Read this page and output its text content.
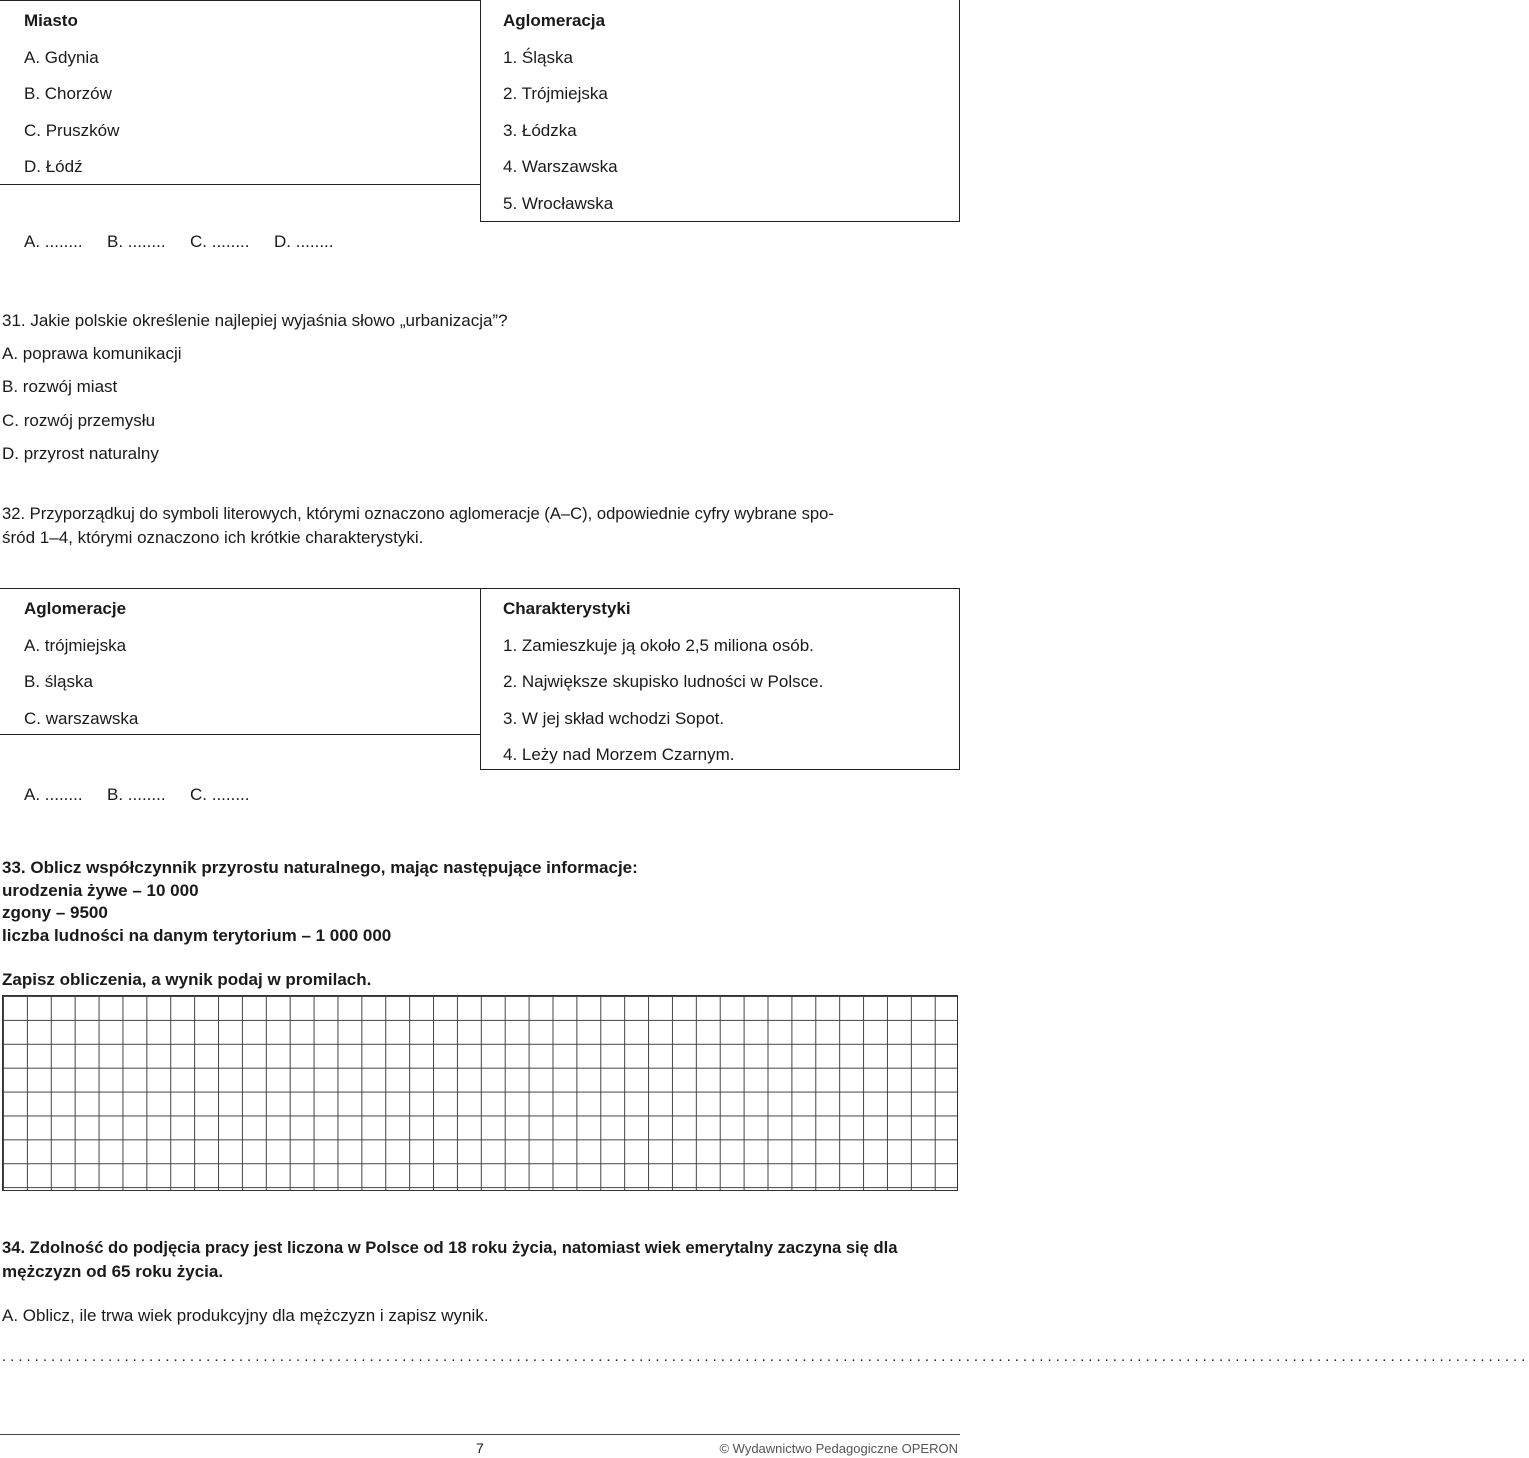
Miasto
A. Gdynia
B. Chorzów
C. Pruszków
D. Łódź
Aglomeracja
1. Śląska
2. Trójmiejska
3. Łódzka
4. Warszawska
5. Wrocławska
A. ........ B. ........ C. ........ D. ........
31. Jakie polskie określenie najlepiej wyjaśnia słowo „urbanizacja”?
A. poprawa komunikacji
B. rozwój miast
C. rozwój przemysłu
D. przyrost naturalny
32. Przyporządkuj do symboli literowych, którymi oznaczono aglomeracje (A–C), odpowiednie cyfry wybrane spo-
śród 1–4, którymi oznaczono ich krótkie charakterystyki.
Aglomeracje
A. trójmiejska
B. śląska
C. warszawska
Charakterystyki
1. Zamieszkuje ją około 2,5 miliona osób.
2. Największe skupisko ludności w Polsce.
3. W jej skład wchodzi Sopot.
4. Leży nad Morzem Czarnym.
A. ........ B. ........ C. ........
33. Oblicz współczynnik przyrostu naturalnego, mając następujące informacje:
urodzenia żywe – 10 000
zgony – 9500
liczba ludności na danym terytorium – 1 000 000
Zapisz obliczenia, a wynik podaj w promilach.
34. Zdolność do podjęcia pracy jest liczona w Polsce od 18 roku życia, natomiast wiek emerytalny zaczyna się dla
mężczyzn od 65 roku życia.
A. Oblicz, ile trwa wiek produkcyjny dla mężczyzn i zapisz wynik.
...........................................................................................................................................................................................
7	© Wydawnictwo Pedagogiczne OPERON
